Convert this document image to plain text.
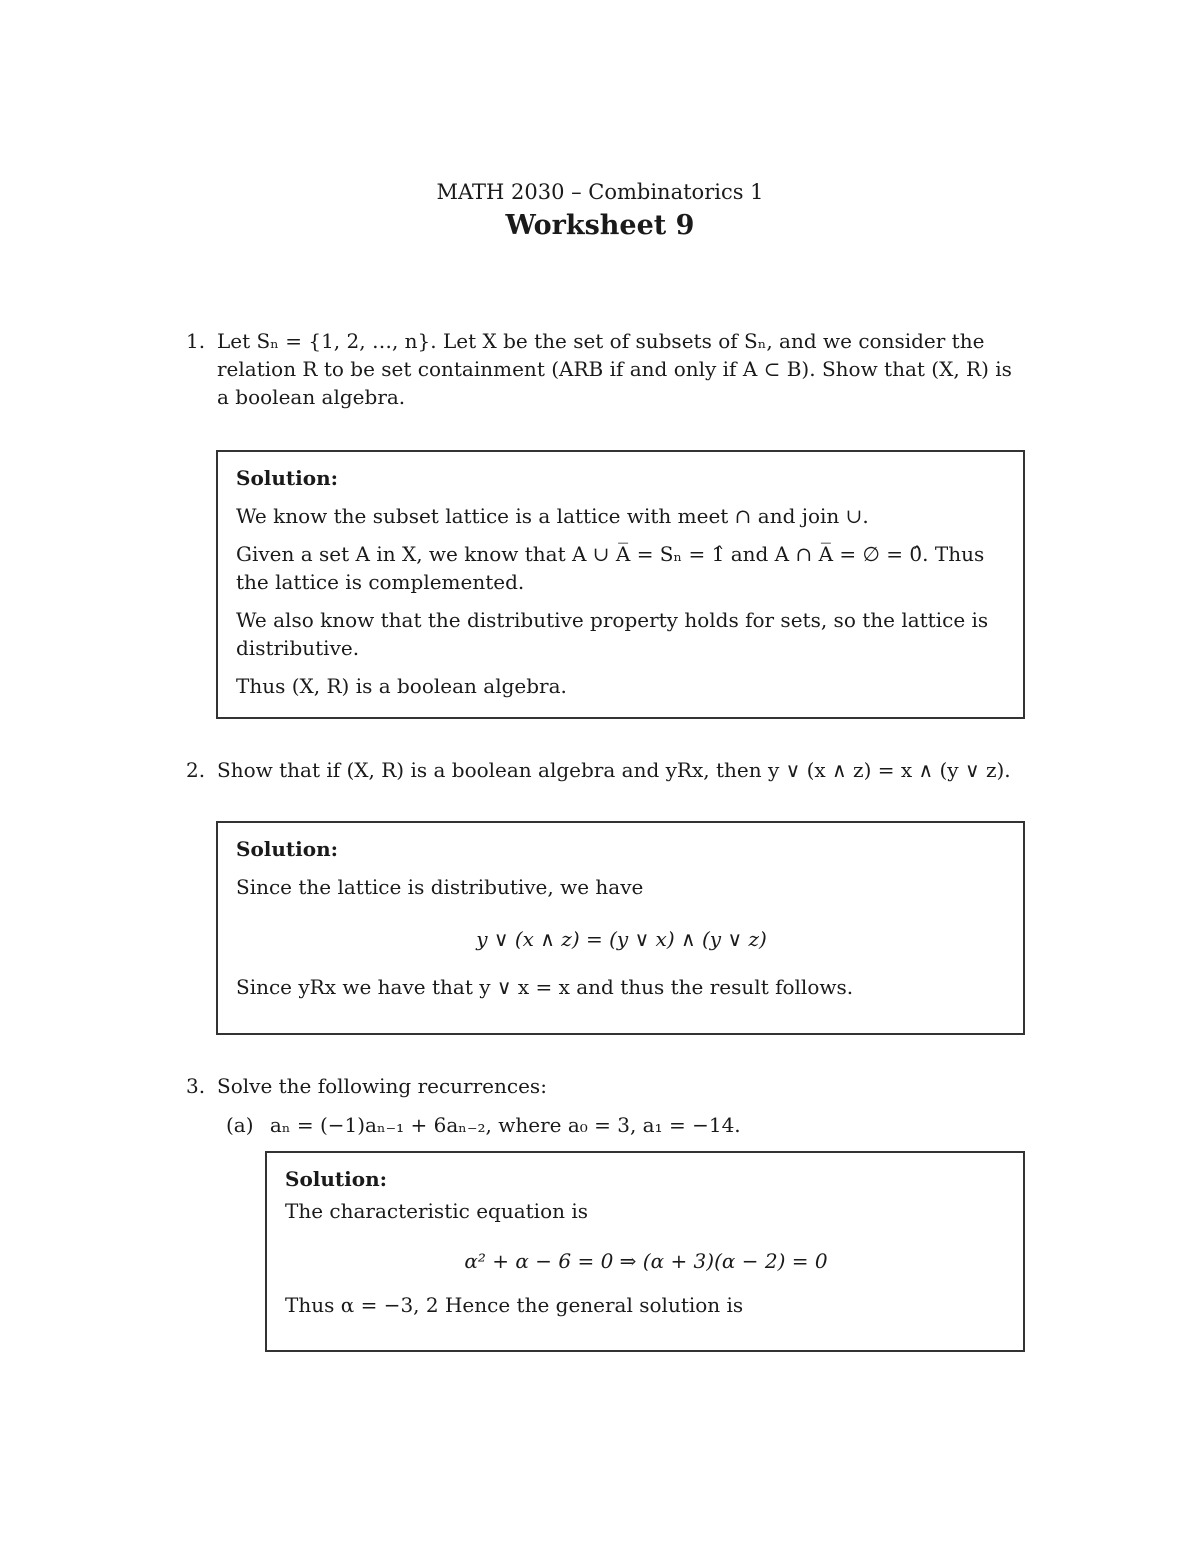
MATH 2030 – Combinatorics 1
Worksheet 9
1. Let Sₙ = {1, 2, …, n}. Let X be the set of subsets of Sₙ, and we consider the relation R to be set containment (ARB if and only if A ⊂ B). Show that (X, R) is a boolean algebra.
Solution:

We know the subset lattice is a lattice with meet ∩ and join ∪.

Given a set A in X, we know that A ∪ A̅ = Sₙ = 1̂ and A ∩ A̅ = ∅ = 0̂. Thus the lattice is complemented.

We also know that the distributive property holds for sets, so the lattice is distributive.

Thus (X, R) is a boolean algebra.

2. Show that if (X, R) is a boolean algebra and yRx, then y ∨ (x ∧ z) = x ∧ (y ∨ z).
Solution:

Since the lattice is distributive, we have

y ∨ (x ∧ z) = (y ∨ x) ∧ (y ∨ z)

Since yRx we have that y ∨ x = x and thus the result follows.

3. Solve the following recurrences:
(a) aₙ = (−1)aₙ₋₁ + 6aₙ₋₂, where a₀ = 3, a₁ = −14.
Solution:

The characteristic equation is

α² + α − 6 = 0 ⇒ (α + 3)(α − 2) = 0

Thus α = −3, 2 Hence the general solution is
